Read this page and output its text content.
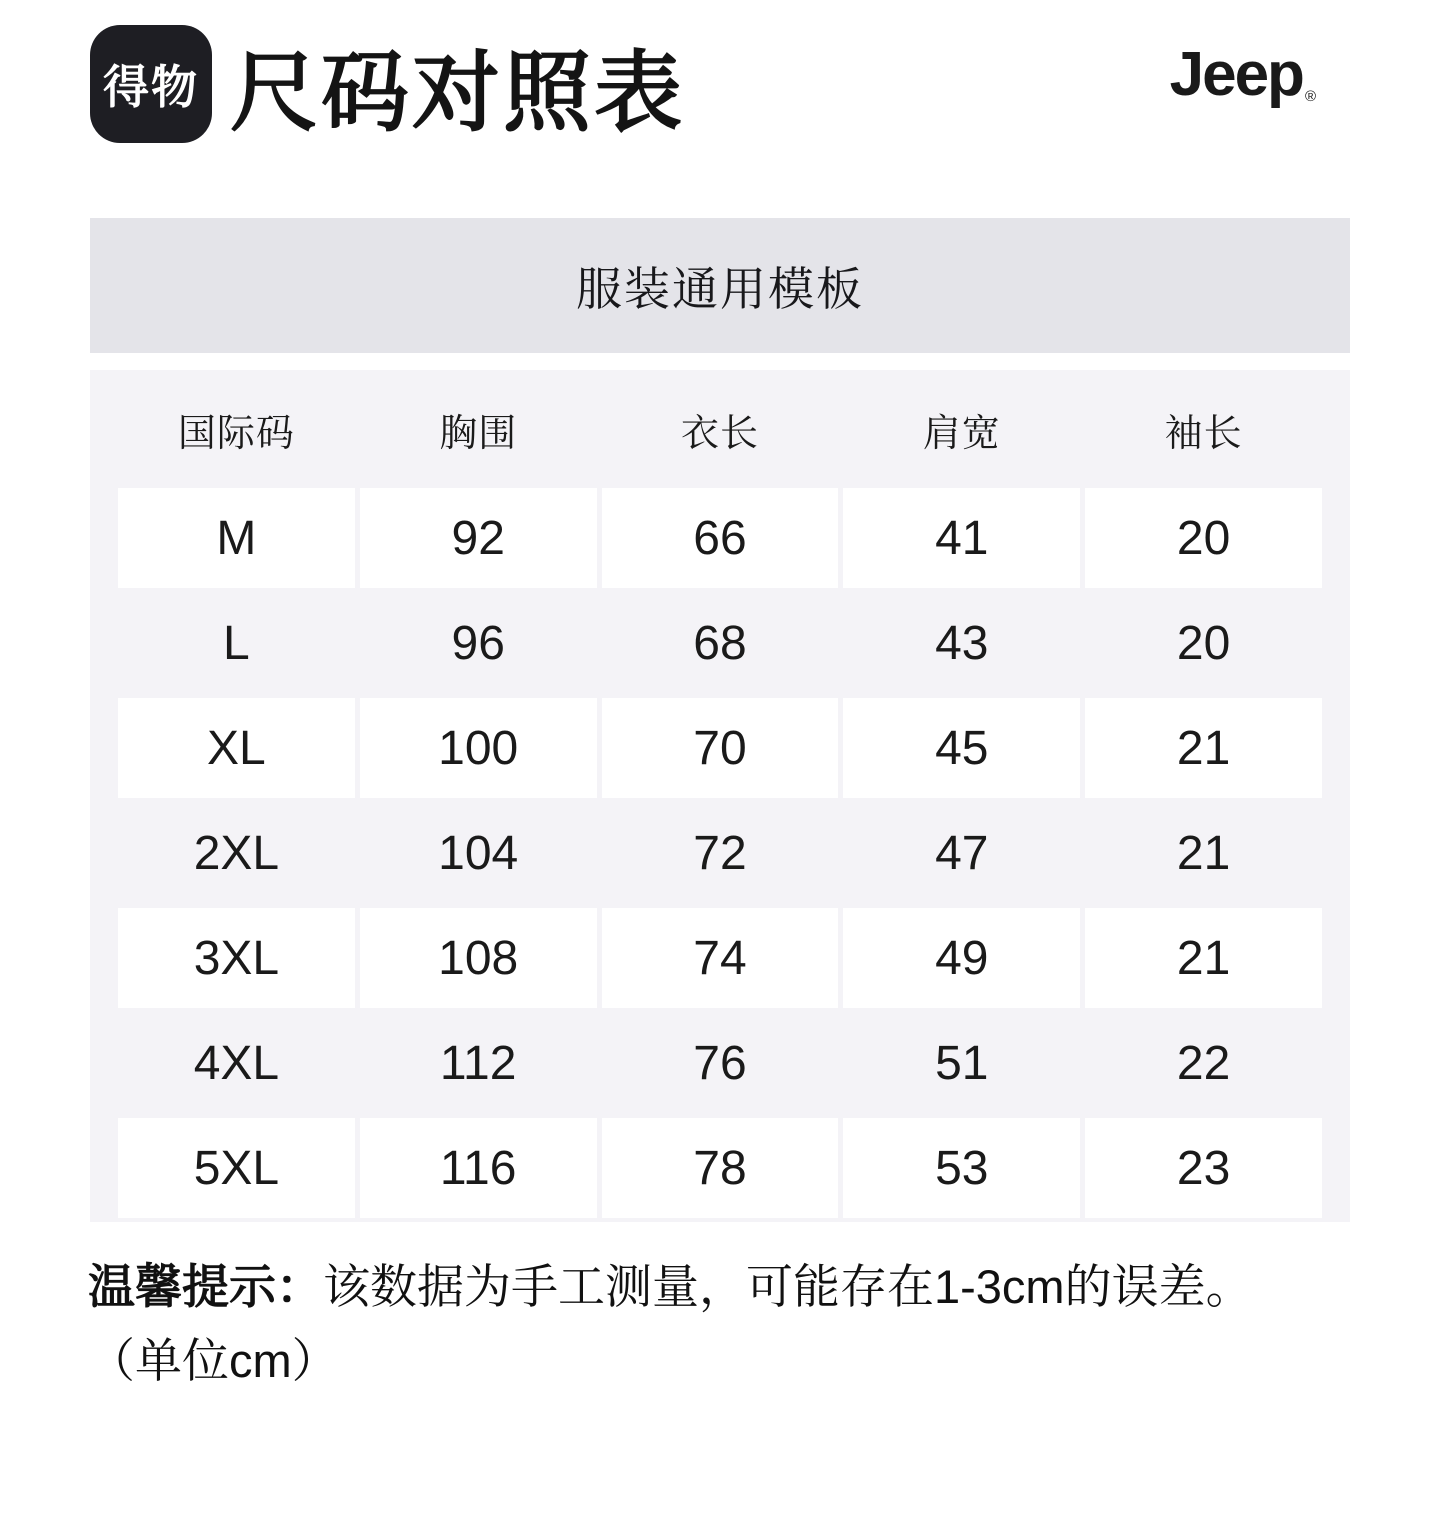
得物 尺码对照表	Jeep ®
服装通用模板
国际码	胸围	衣长	肩宽	袖长
M	92	66	41	20
L	96	68	43	20
XL	100	70	45	21
2XL	104	72	47	21
3XL	108	74	49	21
4XL	112	76	51	22
5XL	116	78	53	23
温馨提示：该数据为手工测量，可能存在1-3cm的误差。
（单位cm）
